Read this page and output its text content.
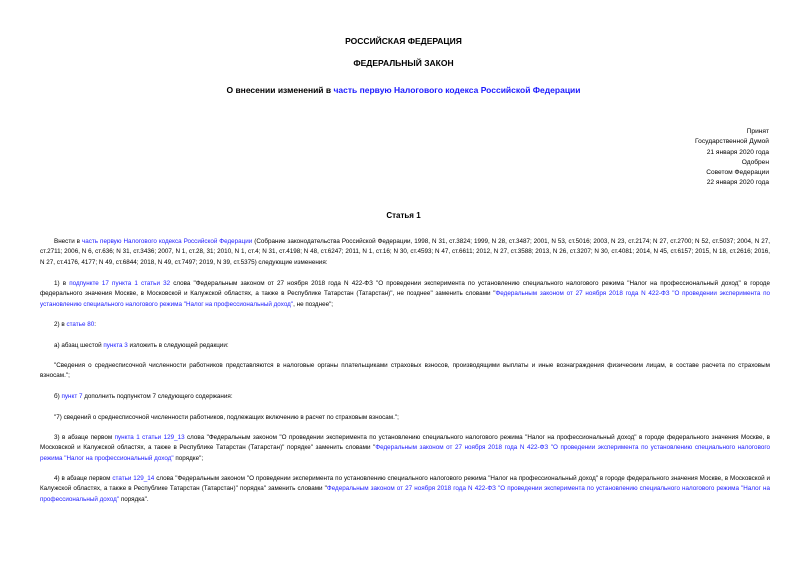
РОССИЙСКАЯ ФЕДЕРАЦИЯ
ФЕДЕРАЛЬНЫЙ ЗАКОН
О внесении изменений в часть первую Налогового кодекса Российской Федерации
Принят
Государственной Думой
21 января 2020 года
Одобрен
Советом Федерации
22 января 2020 года
Статья 1
Внести в часть первую Налогового кодекса Российской Федерации (Собрание законодательства Российской Федерации, 1998, N 31, ст.3824; 1999, N 28, ст.3487; 2001, N 53, ст.5016; 2003, N 23, ст.2174; N 27, ст.2700; N 52, ст.5037; 2004, N 27, ст.2711; 2006, N 6, ст.636; N 31, ст.3436; 2007, N 1, ст.28, 31; 2010, N 1, ст.4; N 31, ст.4198; N 48, ст.6247; 2011, N 1, ст.16; N 30, ст.4593; N 47, ст.6611; 2012, N 27, ст.3588; 2013, N 26, ст.3207; N 30, ст.4081; 2014, N 45, ст.6157; 2015, N 18, ст.2616; 2016, N 27, ст.4176, 4177; N 49, ст.6844; 2018, N 49, ст.7497; 2019, N 39, ст.5375) следующие изменения:
1) в подпункте 17 пункта 1 статьи 32 слова "Федеральным законом от 27 ноября 2018 года N 422-ФЗ "О проведении эксперимента по установлению специального налогового режима "Налог на профессиональный доход" в городе федерального значения Москве, в Московской и Калужской областях, а также в Республике Татарстан (Татарстан)", не позднее" заменить словами "Федеральным законом от 27 ноября 2018 года N 422-ФЗ "О проведении эксперимента по установлению специального налогового режима "Налог на профессиональный доход", не позднее";
2) в статье 80:
а) абзац шестой пункта 3 изложить в следующей редакции:
"Сведения о среднесписочной численности работников представляются в налоговые органы плательщиками страховых взносов, производящими выплаты и иные вознаграждения физическим лицам, в составе расчета по страховым взносам.";
б) пункт 7 дополнить подпунктом 7 следующего содержания:
"7) сведений о среднесписочной численности работников, подлежащих включению в расчет по страховым взносам.";
3) в абзаце первом пункта 1 статьи 129_13 слова "Федеральным законом "О проведении эксперимента по установлению специального налогового режима "Налог на профессиональный доход" в городе федерального значения Москве, в Московской и Калужской областях, а также в Республике Татарстан (Татарстан)" порядке" заменить словами "Федеральным законом от 27 ноября 2018 года N 422-ФЗ "О проведении эксперимента по установлению специального налогового режима "Налог на профессиональный доход" порядке";
4) в абзаце первом статьи 129_14 слова "Федеральным законом "О проведении эксперимента по установлению специального налогового режима "Налог на профессиональный доход" в городе федерального значения Москве, в Московской и Калужской областях, а также в Республике Татарстан (Татарстан)" порядка" заменить словами "Федеральным законом от 27 ноября 2018 года N 422-ФЗ "О проведении эксперимента по установлению специального налогового режима "Налог на профессиональный доход" порядка".
